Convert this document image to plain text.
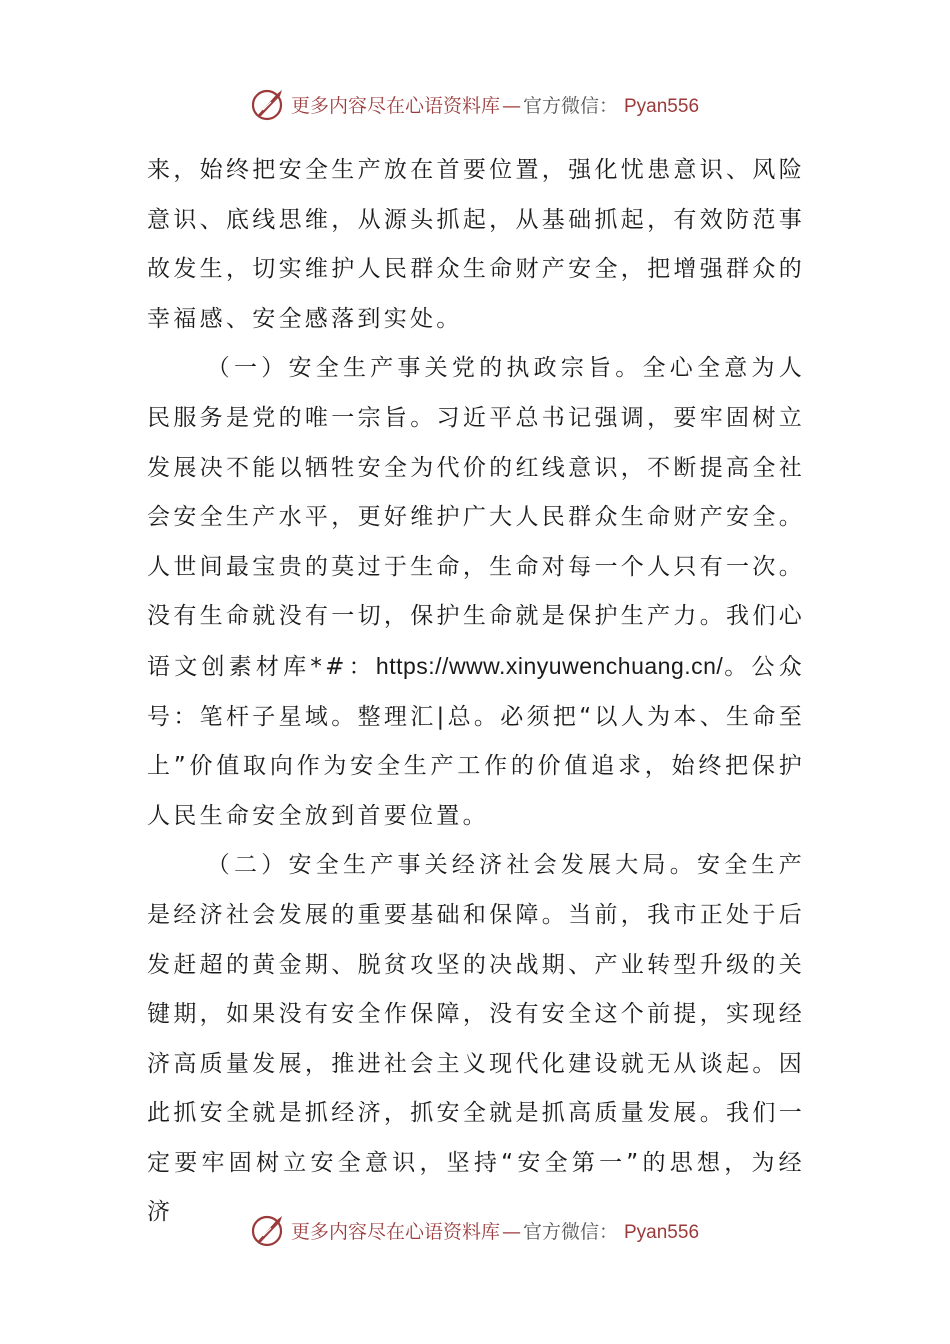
更多内容尽在心语资料库 — 官方微信： Pyan556

来，始终把安全生产放在首要位置，强化忧患意识、风险意识、底线思维，从源头抓起，从基础抓起，有效防范事故发生，切实维护人民群众生命财产安全，把增强群众的幸福感、安全感落到实处。

（一）安全生产事关党的执政宗旨。全心全意为人民服务是党的唯一宗旨。习近平总书记强调，要牢固树立发展决不能以牺牲安全为代价的红线意识，不断提高全社会安全生产水平，更好维护广大人民群众生命财产安全。人世间最宝贵的莫过于生命，生命对每一个人只有一次。没有生命就没有一切，保护生命就是保护生产力。我们心语文创素材库*#：https://www.xinyuwenchuang.cn/。公众号：笔杆子星域。整理汇|总。必须把“以人为本、生命至上”价值取向作为安全生产工作的价值追求，始终把保护人民生命安全放到首要位置。

（二）安全生产事关经济社会发展大局。安全生产是经济社会发展的重要基础和保障。当前，我市正处于后发赶超的黄金期、脱贫攻坚的决战期、产业转型升级的关键期，如果没有安全作保障，没有安全这个前提，实现经济高质量发展，推进社会主义现代化建设就无从谈起。因此抓安全就是抓经济，抓安全就是抓高质量发展。我们一定要牢固树立安全意识，坚持“安全第一”的思想，为经济

更多内容尽在心语资料库 — 官方微信： Pyan556
